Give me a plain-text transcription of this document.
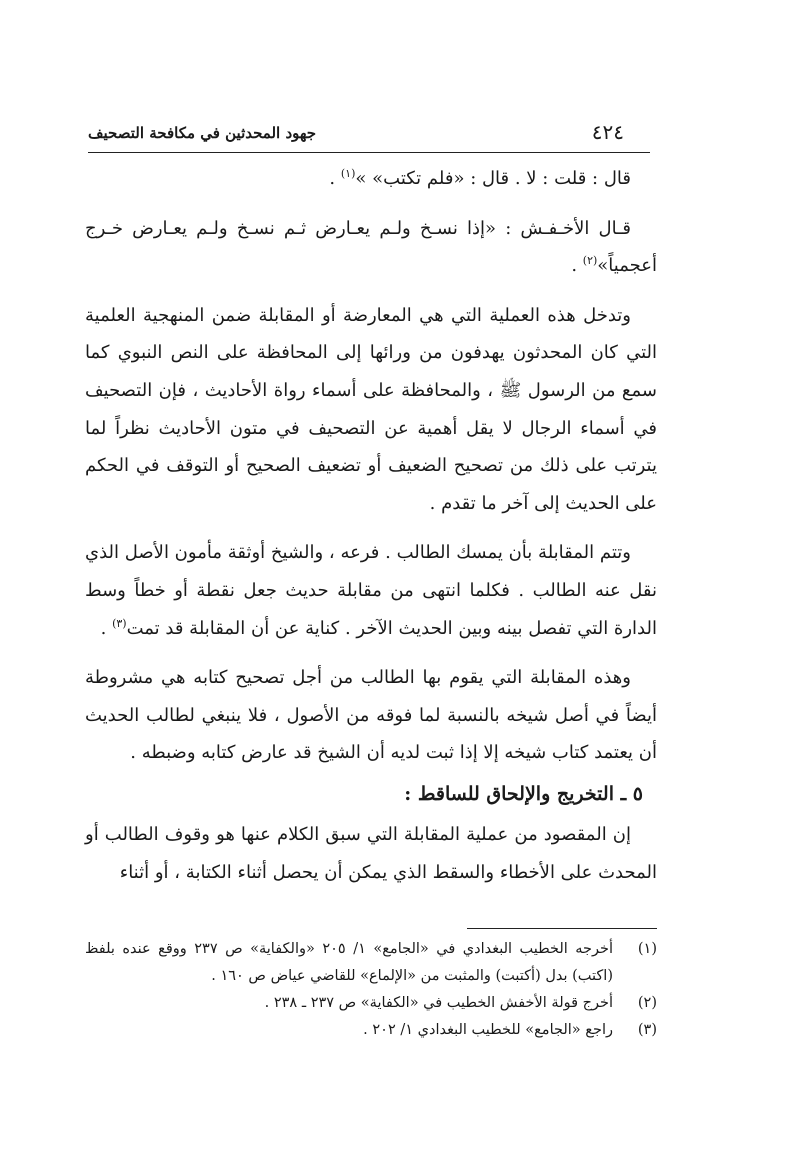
٤٢٤
جهود المحدثين في مكافحة التصحيف

قال : قلت : لا . قال : «فلم تكتب» »$^{(١)}$ .

قـال الأخـفـش : «إذا نسـخ ولـم يعـارض ثـم نسـخ ولـم يعـارض خـرج أعجمياً»$^{(٢)}$ .

وتدخل هذه العملية التي هي المعارضة أو المقابلة ضمن المنهجية العلمية التي كان المحدثون يهدفون من ورائها إلى المحافظة على النص النبوي كما سمع من الرسول ﷺ ، والمحافظة على أسماء رواة الأحاديث ، فإن التصحيف في أسماء الرجال لا يقل أهمية عن التصحيف في متون الأحاديث نظراً لما يترتب على ذلك من تصحيح الضعيف أو تضعيف الصحيح أو التوقف في الحكم على الحديث إلى آخر ما تقدم .

وتتم المقابلة بأن يمسك الطالب . فرعه ، والشيخ أوثقة مأمون الأصل الذي نقل عنه الطالب . فكلما انتهى من مقابلة حديث جعل نقطة أو خطاً وسط الدارة التي تفصل بينه وبين الحديث الآخر . كناية عن أن المقابلة قد تمت$^{(٣)}$ .

وهذه المقابلة التي يقوم بها الطالب من أجل تصحيح كتابه هي مشروطة أيضاً في أصل شيخه بالنسبة لما فوقه من الأصول ، فلا ينبغي لطالب الحديث أن يعتمد كتاب شيخه إلا إذا ثبت لديه أن الشيخ قد عارض كتابه وضبطه .

٥ ـ التخريج والإلحاق للساقط :

إن المقصود من عملية المقابلة التي سبق الكلام عنها هو وقوف الطالب أو المحدث على الأخطاء والسقط الذي يمكن أن يحصل أثناء الكتابة ، أو أثناء

(١)
أخرجه الخطيب البغدادي في «الجامع» ١/ ٢٠٥ «والكفاية» ص ٢٣٧ ووقع عنده بلفظ (اكتب) بدل (أكتبت) والمثبت من «الإلماع» للقاضي عياض ص ١٦٠ .
(٢)
أخرج قولة الأخفش الخطيب في «الكفاية» ص ٢٣٧ ـ ٢٣٨ .
(٣)
راجع «الجامع» للخطيب البغدادي ١/ ٢٠٢ .
